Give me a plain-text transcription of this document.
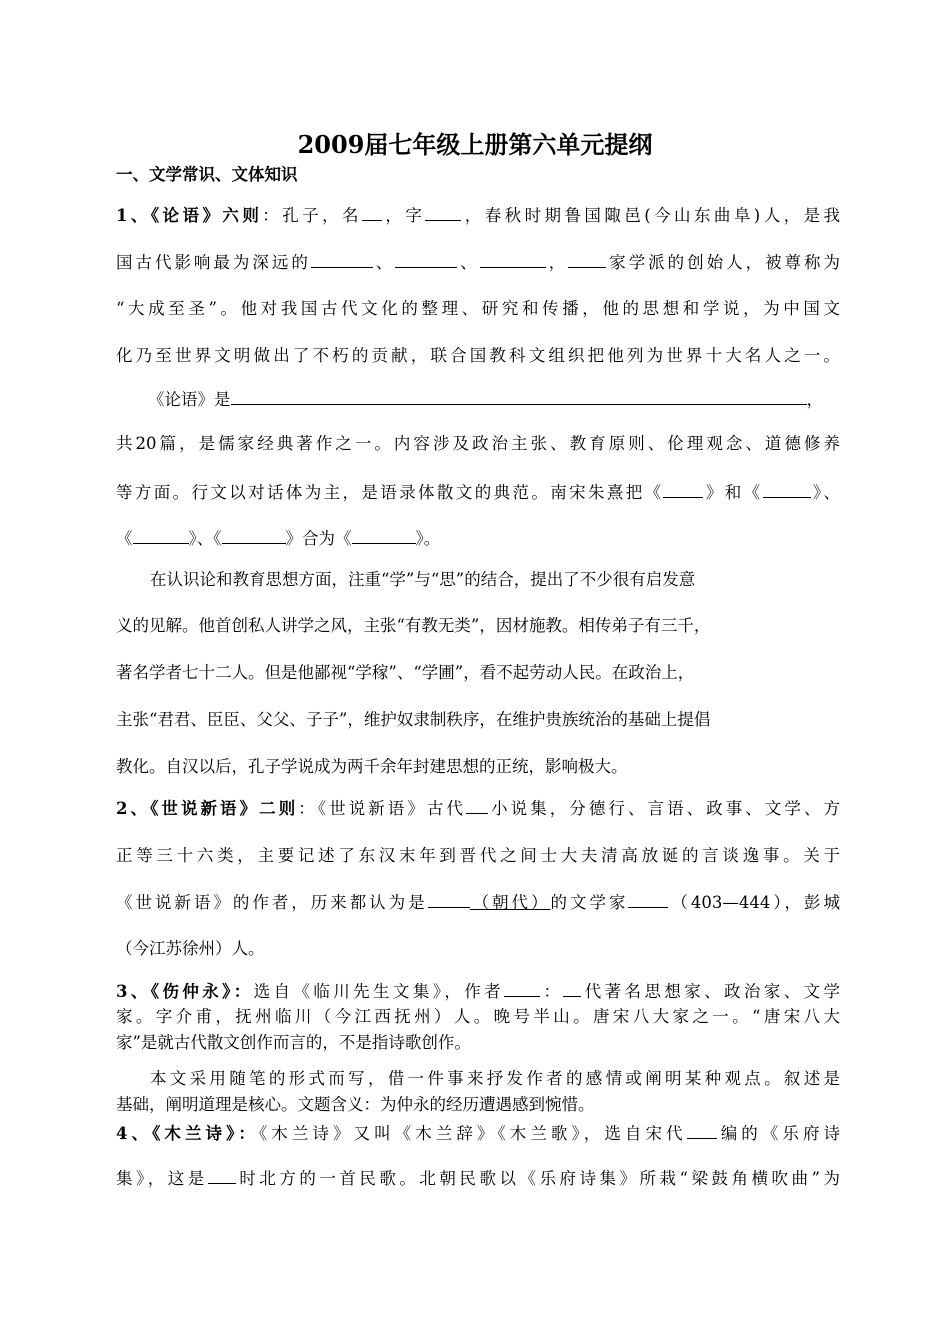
2009届七年级上册第六单元提纲
一、文学常识、文体知识
1、《论语》六则：孔子，名 ，字 ，春秋时期鲁国陬邑(今山东曲阜)人，是我
国古代影响最为深远的	、	、	， 家学派的创始人，被尊称为
“大成至圣”。他对我国古代文化的整理、研究和传播，他的思想和学说，为中国文
化乃至世界文明做出了不朽的贡献，联合国教科文组织把他列为世界十大名人之一。
《论语》是	，
共20篇，是儒家经典著作之一。内容涉及政治主张、教育原则、伦理观念、道德修养
等方面。行文以对话体为主，是语录体散文的典范。南宋朱熹把《 》和《	》、
《	》、《	》合为《	》。
在认识论和教育思想方面，注重“学”与“思”的结合，提出了不少很有启发意
义的见解。他首创私人讲学之风，主张“有教无类”，因材施教。相传弟子有三千，
著名学者七十二人。但是他鄙视“学稼”、“学圃”，看不起劳动人民。在政治上，
主张“君君、臣臣、父父、子子”，维护奴隶制秩序，在维护贵族统治的基础上提倡
教化。自汉以后，孔子学说成为两千余年封建思想的正统，影响极大。
2、《世说新语》二则：《世说新语》古代 小说集，分德行、言语、政事、文学、方
正等三十六类，主要记述了东汉末年到晋代之间士大夫清高放诞的言谈逸事。关于
《世说新语》的作者，历来都认为是	（朝代）的文学家 （403—444），彭城
（今江苏徐州）人。
3、《伤仲永》：选自《临川先生文集》，作者 ： 代著名思想家、政治家、文学
家。字介甫，抚州临川（今江西抚州）人。晚号半山。唐宋八大家之一。“唐宋八大
家”是就古代散文创作而言的，不是指诗歌创作。
本文采用随笔的形式而写，借一件事来抒发作者的感情或阐明某种观点。叙述是
基础，阐明道理是核心。文题含义：为仲永的经历遭遇感到惋惜。
4、《木兰诗》：《木兰诗》又叫《木兰辞》《木兰歌》，选自宋代 编的《乐府诗
集》，这是 时北方的一首民歌。北朝民歌以《乐府诗集》所栽“梁鼓角横吹曲”为
